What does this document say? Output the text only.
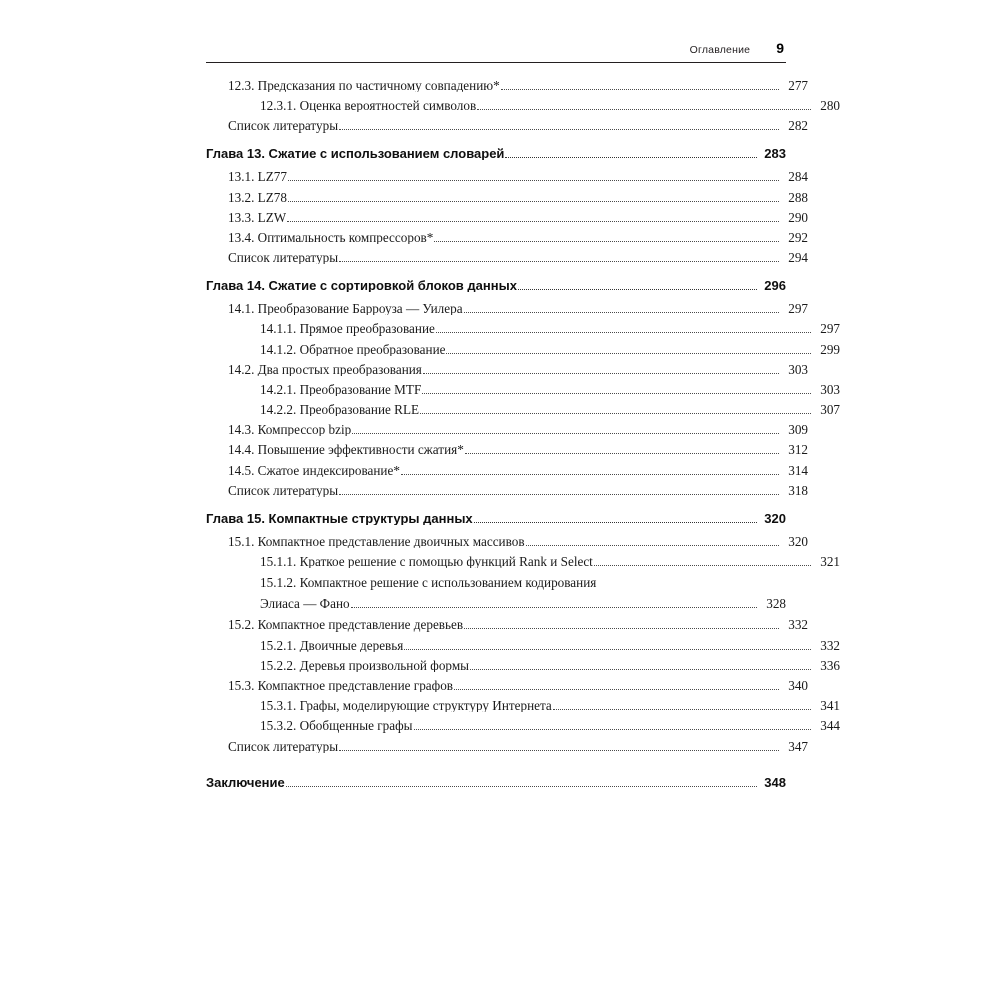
Оглавление 9
12.3. Предсказания по частичному совпадению*	277
12.3.1. Оценка вероятностей символов	280
Список литературы	282
Глава 13. Сжатие с использованием словарей	283
13.1. LZ77	284
13.2. LZ78	288
13.3. LZW	290
13.4. Оптимальность компрессоров*	292
Список литературы	294
Глава 14. Сжатие с сортировкой блоков данных	296
14.1. Преобразование Барроуза — Уилера	297
14.1.1. Прямое преобразование	297
14.1.2. Обратное преобразование	299
14.2. Два простых преобразования	303
14.2.1. Преобразование MTF	303
14.2.2. Преобразование RLE	307
14.3. Компрессор bzip	309
14.4. Повышение эффективности сжатия*	312
14.5. Сжатое индексирование*	314
Список литературы	318
Глава 15. Компактные структуры данных	320
15.1. Компактное представление двоичных массивов	320
15.1.1. Краткое решение с помощью функций Rank и Select	321
15.1.2. Компактное решение с использованием кодирования
Элиаса — Фано	328
15.2. Компактное представление деревьев	332
15.2.1. Двоичные деревья	332
15.2.2. Деревья произвольной формы	336
15.3. Компактное представление графов	340
15.3.1. Графы, моделирующие структуру Интернета	341
15.3.2. Обобщенные графы	344
Список литературы	347
Заключение	348
